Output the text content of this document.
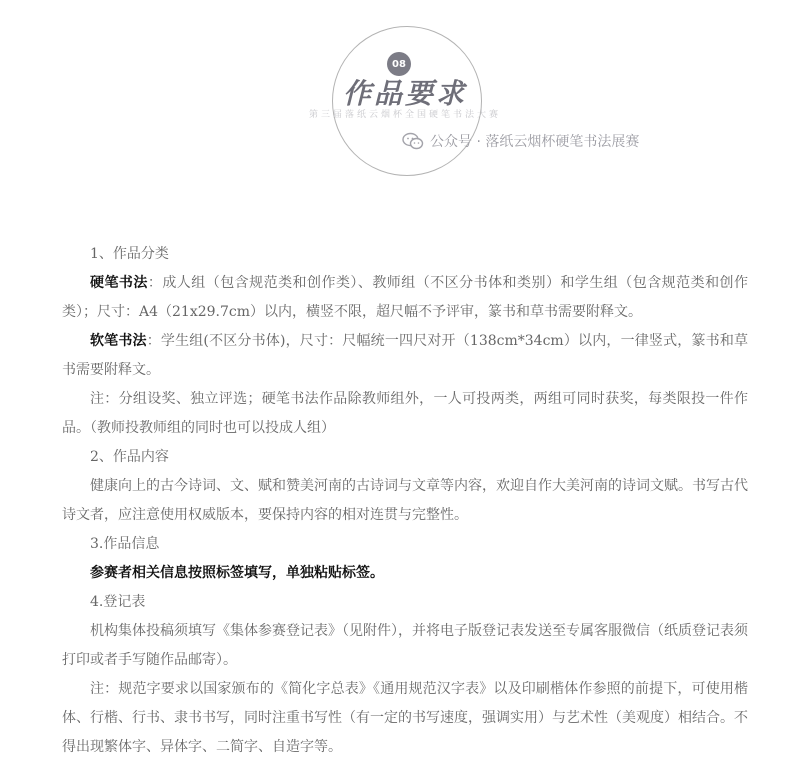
08
作品要求
第三届落纸云烟杯全国硬笔书法大赛
公众号 · 落纸云烟杯硬笔书法展赛

1、作品分类

硬笔书法：成人组（包含规范类和创作类）、教师组（不区分书体和类别）和学生组（包含规范类和创作类）；尺寸：A4（21x29.7cm）以内，横竖不限，超尺幅不予评审，篆书和草书需要附释文。

软笔书法：学生组(不区分书体)，尺寸：尺幅统一四尺对开（138cm*34cm）以内，一律竖式，篆书和草书需要附释文。

注：分组设奖、独立评选；硬笔书法作品除教师组外，一人可投两类，两组可同时获奖，每类限投一件作品。（教师投教师组的同时也可以投成人组）

2、作品内容

健康向上的古今诗词、文、赋和赞美河南的古诗词与文章等内容，欢迎自作大美河南的诗词文赋。书写古代诗文者，应注意使用权威版本，要保持内容的相对连贯与完整性。

3.作品信息

参赛者相关信息按照标签填写，单独粘贴标签。

4.登记表

机构集体投稿须填写《集体参赛登记表》（见附件），并将电子版登记表发送至专属客服微信（纸质登记表须打印或者手写随作品邮寄）。

注：规范字要求以国家颁布的《简化字总表》《通用规范汉字表》以及印刷楷体作参照的前提下，可使用楷体、行楷、行书、隶书书写，同时注重书写性（有一定的书写速度，强调实用）与艺术性（美观度）相结合。不得出现繁体字、异体字、二简字、自造字等。
